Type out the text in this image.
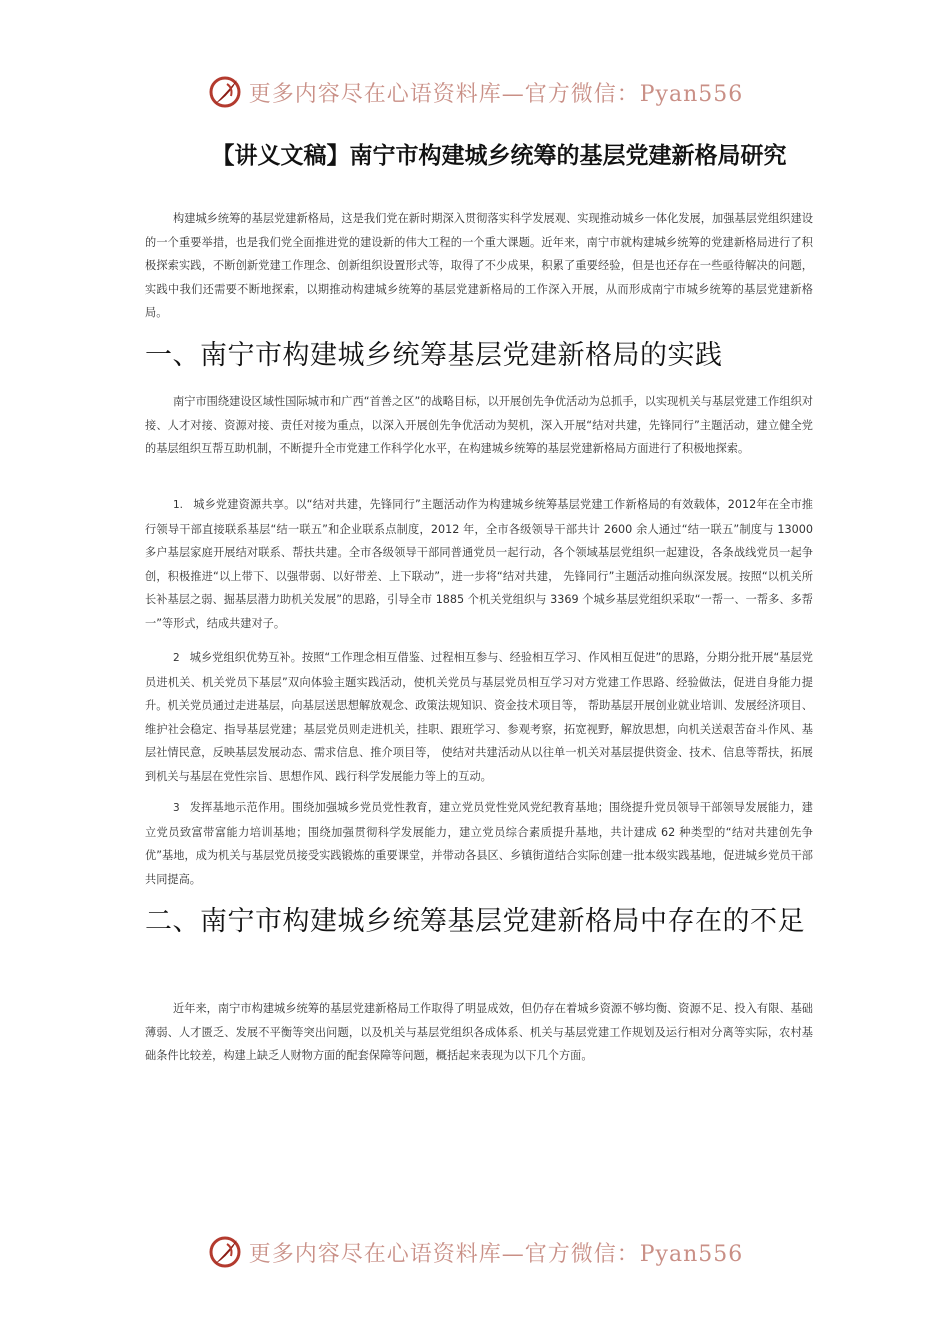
更多内容尽在心语资料库—官方微信：Pyan556
【讲义文稿】南宁市构建城乡统筹的基层党建新格局研究

构建城乡统筹的基层党建新格局，这是我们党在新时期深入贯彻落实科学发展观、实现推动城乡一体化发展，加强基层党组织建设的一个重要举措，也是我们党全面推进党的建设新的伟大工程的一个重大课题。近年来，南宁市就构建城乡统筹的党建新格局进行了积极探索实践，不断创新党建工作理念、创新组织设置形式等，取得了不少成果，积累了重要经验，但是也还存在一些亟待解决的问题，实践中我们还需要不断地探索，以期推动构建城乡统筹的基层党建新格局的工作深入开展，从而形成南宁市城乡统筹的基层党建新格局。

一、南宁市构建城乡统筹基层党建新格局的实践

南宁市围绕建设区域性国际城市和广西“首善之区”的战略目标，以开展创先争优活动为总抓手，以实现机关与基层党建工作组织对接、人才对接、资源对接、责任对接为重点，以深入开展创先争优活动为契机，深入开展“结对共建，先锋同行”主题活动，建立健全党的基层组织互帮互助机制，不断提升全市党建工作科学化水平，在构建城乡统筹的基层党建新格局方面进行了积极地探索。

1. 城乡党建资源共享。以“结对共建，先锋同行”主题活动作为构建城乡统筹基层党建工作新格局的有效载体，2012年在全市推行领导干部直接联系基层“结一联五”和企业联系点制度，2012 年，全市各级领导干部共计 2600 余人通过“结一联五”制度与 13000 多户基层家庭开展结对联系、帮扶共建。全市各级领导干部同普通党员一起行动，各个领域基层党组织一起建设，各条战线党员一起争创，积极推进“以上带下、以强带弱、以好带差、上下联动”，进一步将“结对共建， 先锋同行”主题活动推向纵深发展。按照“以机关所长补基层之弱、掘基层潜力助机关发展”的思路，引导全市 1885 个机关党组织与 3369 个城乡基层党组织采取“一帮一、一帮多、多帮一”等形式，结成共建对子。

2 城乡党组织优势互补。按照“工作理念相互借鉴、过程相互参与、经验相互学习、作风相互促进”的思路，分期分批开展“基层党员进机关、机关党员下基层”双向体验主题实践活动，使机关党员与基层党员相互学习对方党建工作思路、经验做法，促进自身能力提升。机关党员通过走进基层，向基层送思想解放观念、政策法规知识、资金技术项目等， 帮助基层开展创业就业培训、发展经济项目、维护社会稳定、指导基层党建；基层党员则走进机关，挂职、跟班学习、参观考察，拓宽视野，解放思想，向机关送艰苦奋斗作风、基层社情民意，反映基层发展动态、需求信息、推介项目等， 使结对共建活动从以往单一机关对基层提供资金、技术、信息等帮扶，拓展到机关与基层在党性宗旨、思想作风、践行科学发展能力等上的互动。

3 发挥基地示范作用。围绕加强城乡党员党性教育，建立党员党性党风党纪教育基地；围绕提升党员领导干部领导发展能力，建立党员致富带富能力培训基地；围绕加强贯彻科学发展能力，建立党员综合素质提升基地，共计建成 62 种类型的“结对共建创先争优”基地，成为机关与基层党员接受实践锻炼的重要课堂，并带动各县区、乡镇街道结合实际创建一批本级实践基地，促进城乡党员干部共同提高。

二、南宁市构建城乡统筹基层党建新格局中存在的不足

近年来，南宁市构建城乡统筹的基层党建新格局工作取得了明显成效，但仍存在着城乡资源不够均衡、资源不足、投入有限、基础薄弱、人才匮乏、发展不平衡等突出问题，以及机关与基层党组织各成体系、机关与基层党建工作规划及运行相对分离等实际，农村基础条件比较差，构建上缺乏人财物方面的配套保障等问题，概括起来表现为以下几个方面。

更多内容尽在心语资料库—官方微信：Pyan556
